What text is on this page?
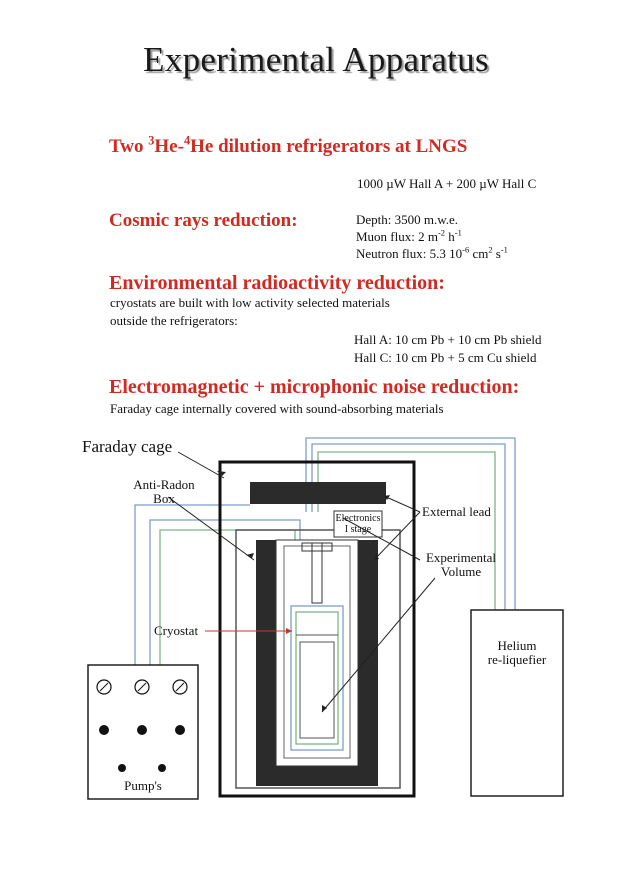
Experimental Apparatus
Two $^3$He-$^4$He dilution refrigerators at LNGS
1000 µW Hall A + 200 µW Hall C
Cosmic rays reduction:	Depth: 3500 m.w.e.
Muon flux: 2 $m^{-2}$ $h^{-1}$
Neutron flux: 5.3 $10^{-6}$ $cm^2$ $s^{-1}$
Environmental radioactivity reduction:
cryostats are built with low activity selected materials
outside the refrigerators:
Hall A: 10 cm Pb + 10 cm Pb shield
Hall C: 10 cm Pb + 5 cm Cu shield
Electromagnetic + microphonic noise reduction:
Faraday cage internally covered with sound-absorbing materials
Faraday cage
Anti-Radon
Box
External lead
Electronics
I stage
Experimental
Volume
Cryostat
Helium
re-liquefier
Pump's
